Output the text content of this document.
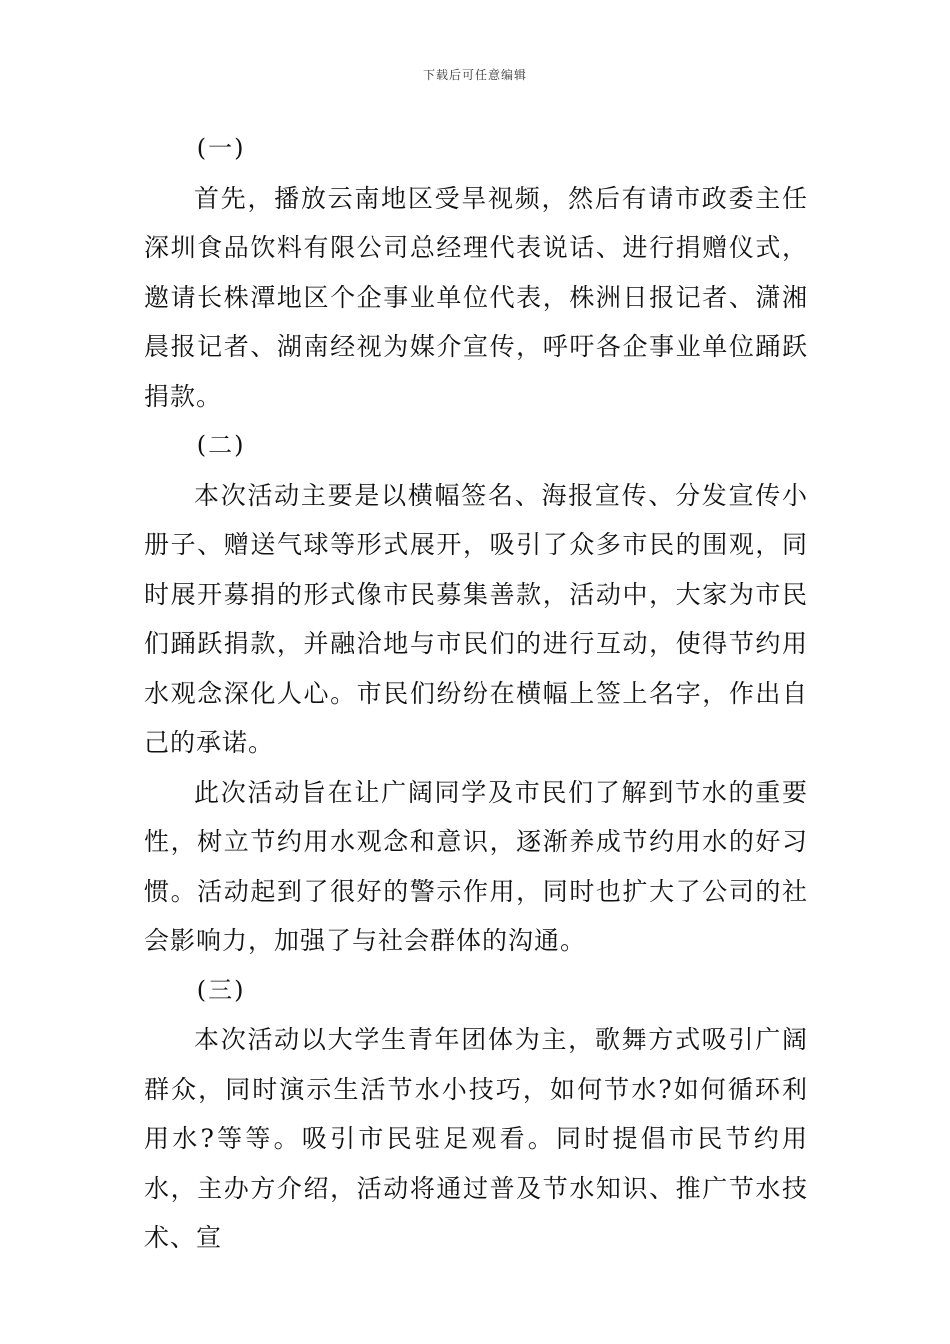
下载后可任意编辑

(一)

首先，播放云南地区受旱视频，然后有请市政委主任深圳食品饮料有限公司总经理代表说话、进行捐赠仪式，邀请长株潭地区个企事业单位代表，株洲日报记者、潇湘晨报记者、湖南经视为媒介宣传，呼吁各企事业单位踊跃捐款。

(二)

本次活动主要是以横幅签名、海报宣传、分发宣传小册子、赠送气球等形式展开，吸引了众多市民的围观，同时展开募捐的形式像市民募集善款，活动中，大家为市民们踊跃捐款，并融洽地与市民们的进行互动，使得节约用水观念深化人心。市民们纷纷在横幅上签上名字，作出自己的承诺。

此次活动旨在让广阔同学及市民们了解到节水的重要性，树立节约用水观念和意识，逐渐养成节约用水的好习惯。活动起到了很好的警示作用，同时也扩大了公司的社会影响力，加强了与社会群体的沟通。

(三)

本次活动以大学生青年团体为主，歌舞方式吸引广阔群众，同时演示生活节水小技巧，如何节水?如何循环利用水?等等。吸引市民驻足观看。同时提倡市民节约用水，主办方介绍，活动将通过普及节水知识、推广节水技术、宣
